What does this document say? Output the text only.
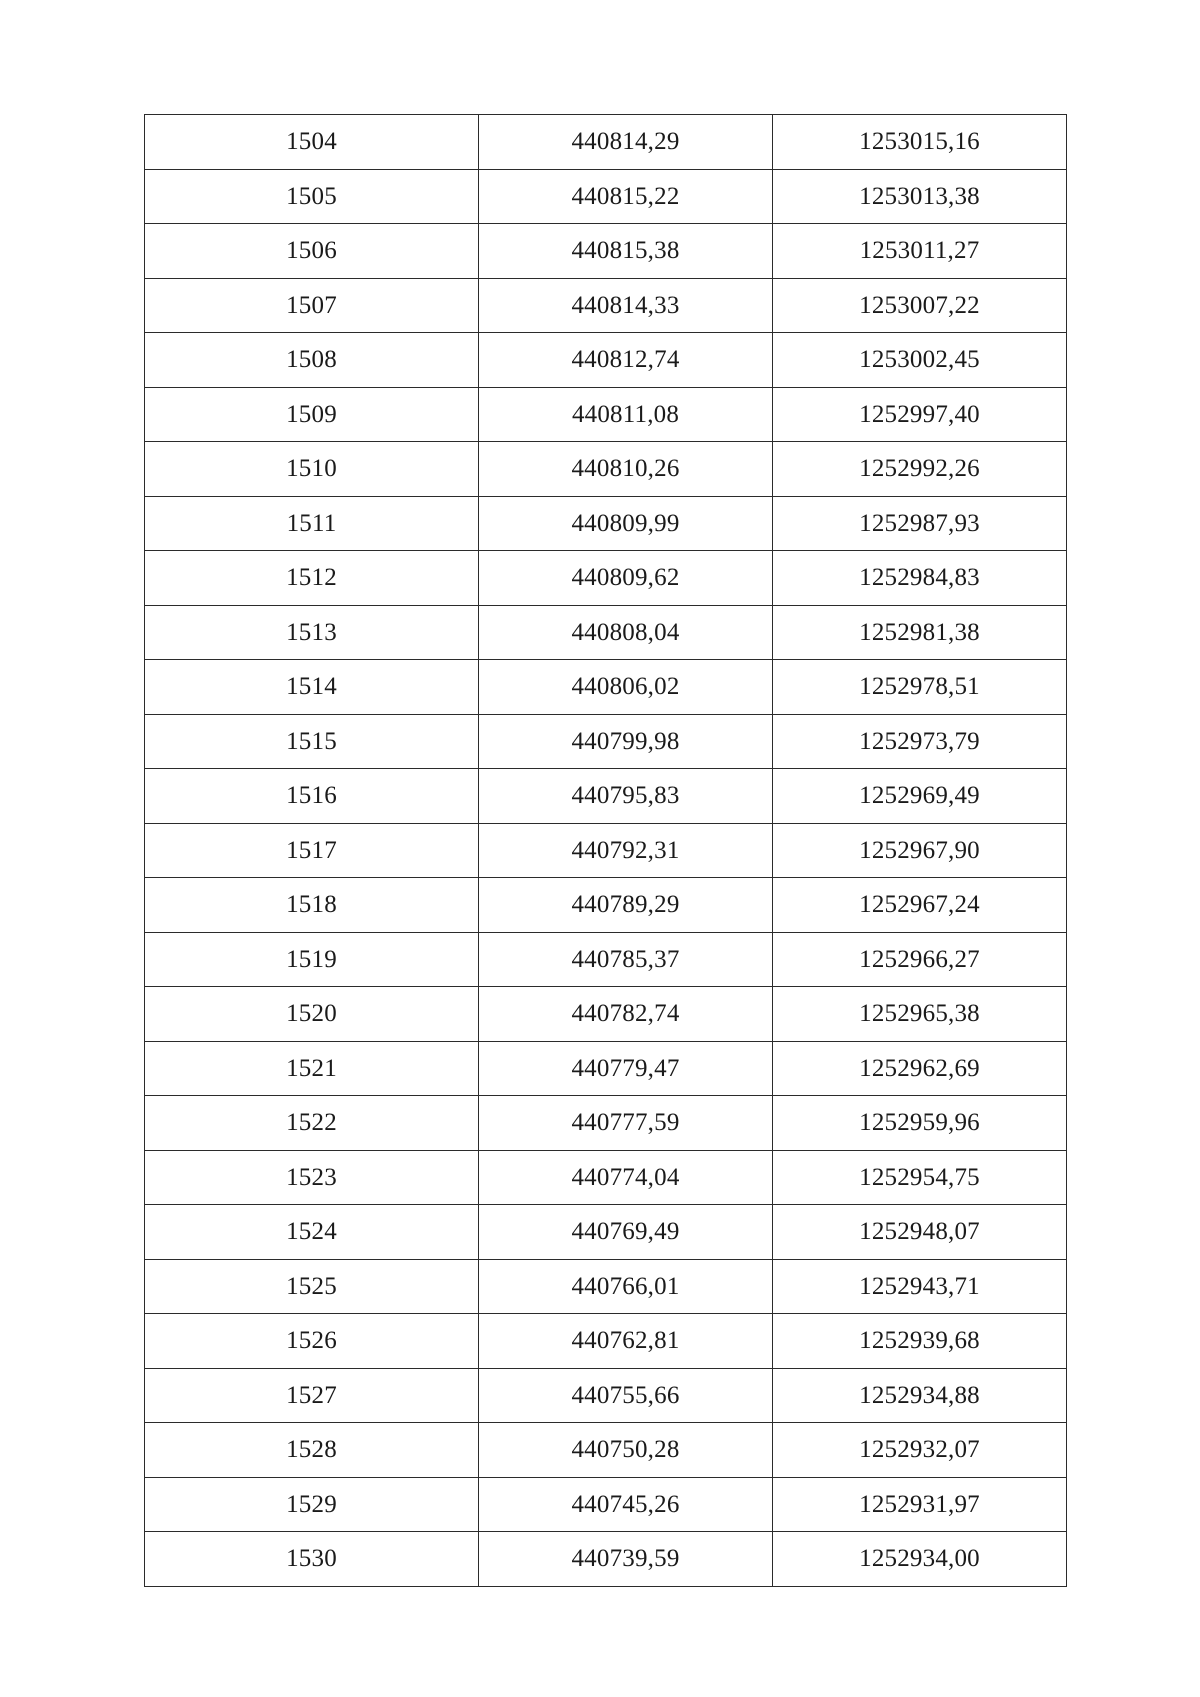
1504	440814,29	1253015,16
1505	440815,22	1253013,38
1506	440815,38	1253011,27
1507	440814,33	1253007,22
1508	440812,74	1253002,45
1509	440811,08	1252997,40
1510	440810,26	1252992,26
1511	440809,99	1252987,93
1512	440809,62	1252984,83
1513	440808,04	1252981,38
1514	440806,02	1252978,51
1515	440799,98	1252973,79
1516	440795,83	1252969,49
1517	440792,31	1252967,90
1518	440789,29	1252967,24
1519	440785,37	1252966,27
1520	440782,74	1252965,38
1521	440779,47	1252962,69
1522	440777,59	1252959,96
1523	440774,04	1252954,75
1524	440769,49	1252948,07
1525	440766,01	1252943,71
1526	440762,81	1252939,68
1527	440755,66	1252934,88
1528	440750,28	1252932,07
1529	440745,26	1252931,97
1530	440739,59	1252934,00
